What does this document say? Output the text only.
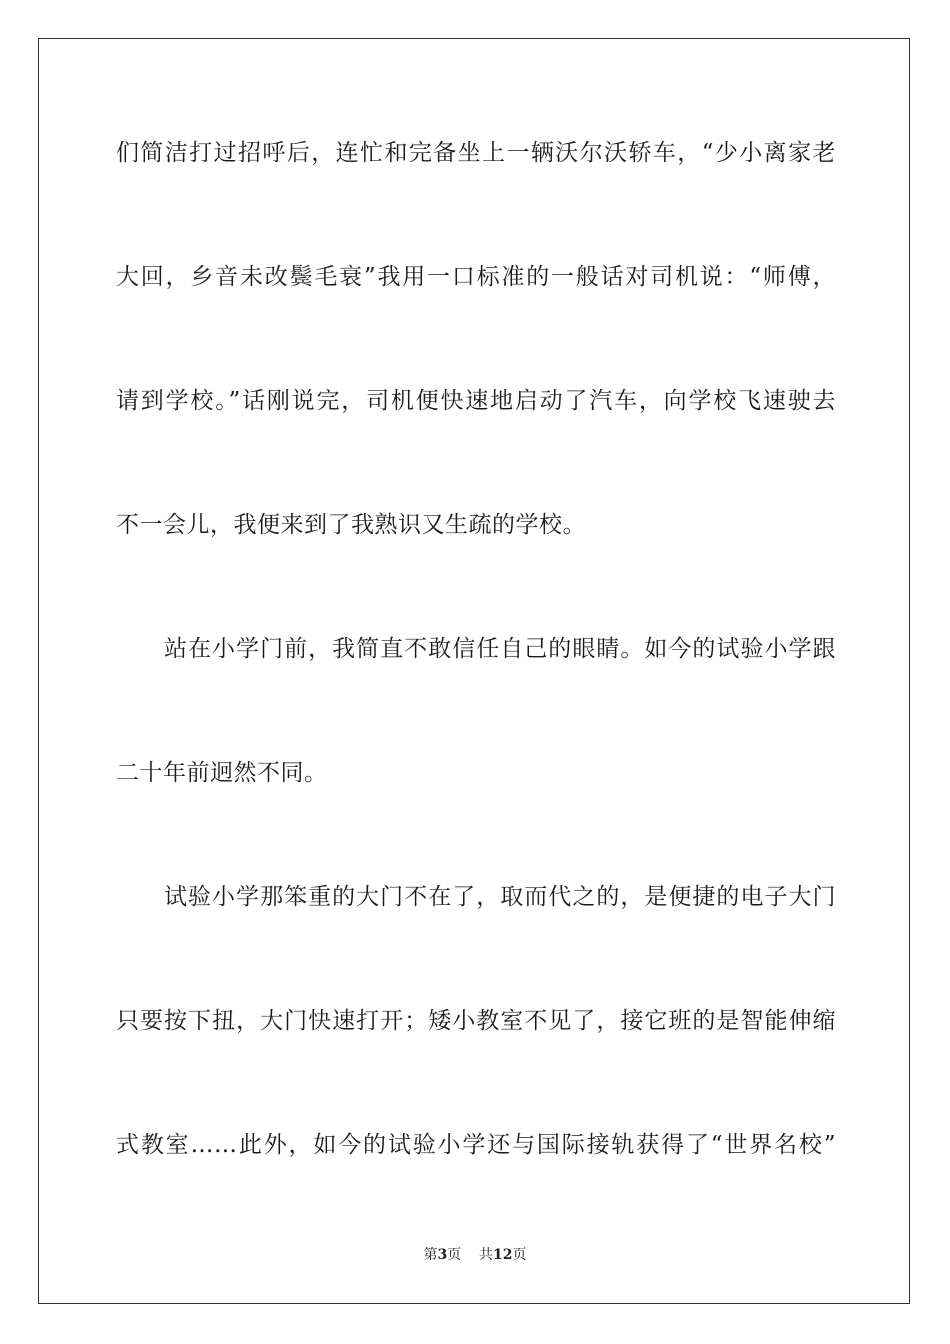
们简洁打过招呼后，连忙和完备坐上一辆沃尔沃轿车，“少小离家老
大回，乡音未改鬓毛衰”我用一口标准的一般话对司机说：“师傅，
请到学校。”话刚说完，司机便快速地启动了汽车，向学校飞速驶去
不一会儿，我便来到了我熟识又生疏的学校。
站在小学门前，我简直不敢信任自己的眼睛。如今的试验小学跟
二十年前迥然不同。
试验小学那笨重的大门不在了，取而代之的，是便捷的电子大门
只要按下扭，大门快速打开；矮小教室不见了，接它班的是智能伸缩
式教室……此外，如今的试验小学还与国际接轨获得了“世界名校”
第3页 共12页
